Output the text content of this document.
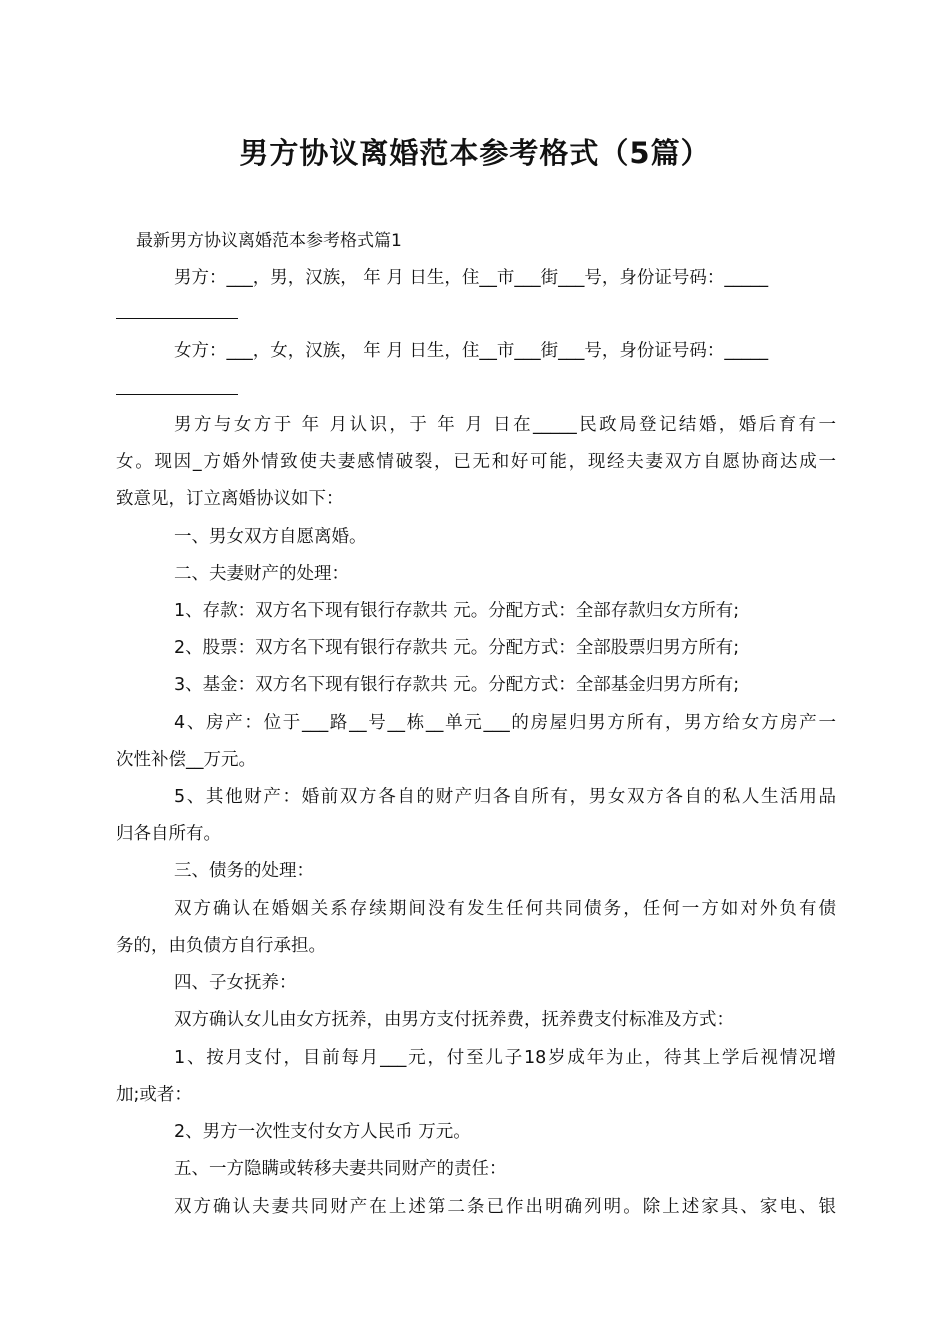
男方协议离婚范本参考格式（5篇）
最新男方协议离婚范本参考格式篇1
男方：___，男，汉族， 年 月 日生，住__市___街___号，身份证号码：_____
女方：___，女，汉族， 年 月 日生，住__市___街___号，身份证号码：_____
男方与女方于 年 月认识，于 年 月 日在_____民政局登记结婚，婚后育有一
女。现因_方婚外情致使夫妻感情破裂，已无和好可能，现经夫妻双方自愿协商达成一
致意见，订立离婚协议如下：
一、男女双方自愿离婚。
二、夫妻财产的处理：
1、存款：双方名下现有银行存款共 元。分配方式：全部存款归女方所有;
2、股票：双方名下现有银行存款共 元。分配方式：全部股票归男方所有;
3、基金：双方名下现有银行存款共 元。分配方式：全部基金归男方所有;
4、房产：位于___路__号__栋__单元___的房屋归男方所有，男方给女方房产一
次性补偿__万元。
5、其他财产：婚前双方各自的财产归各自所有，男女双方各自的私人生活用品
归各自所有。
三、债务的处理：
双方确认在婚姻关系存续期间没有发生任何共同债务，任何一方如对外负有债
务的，由负债方自行承担。
四、子女抚养：
双方确认女儿由女方抚养，由男方支付抚养费，抚养费支付标准及方式：
1、按月支付，目前每月___元，付至儿子18岁成年为止，待其上学后视情况增
加;或者：
2、男方一次性支付女方人民币 万元。
五、一方隐瞒或转移夫妻共同财产的责任：
双方确认夫妻共同财产在上述第二条已作出明确列明。除上述家具、家电、银
